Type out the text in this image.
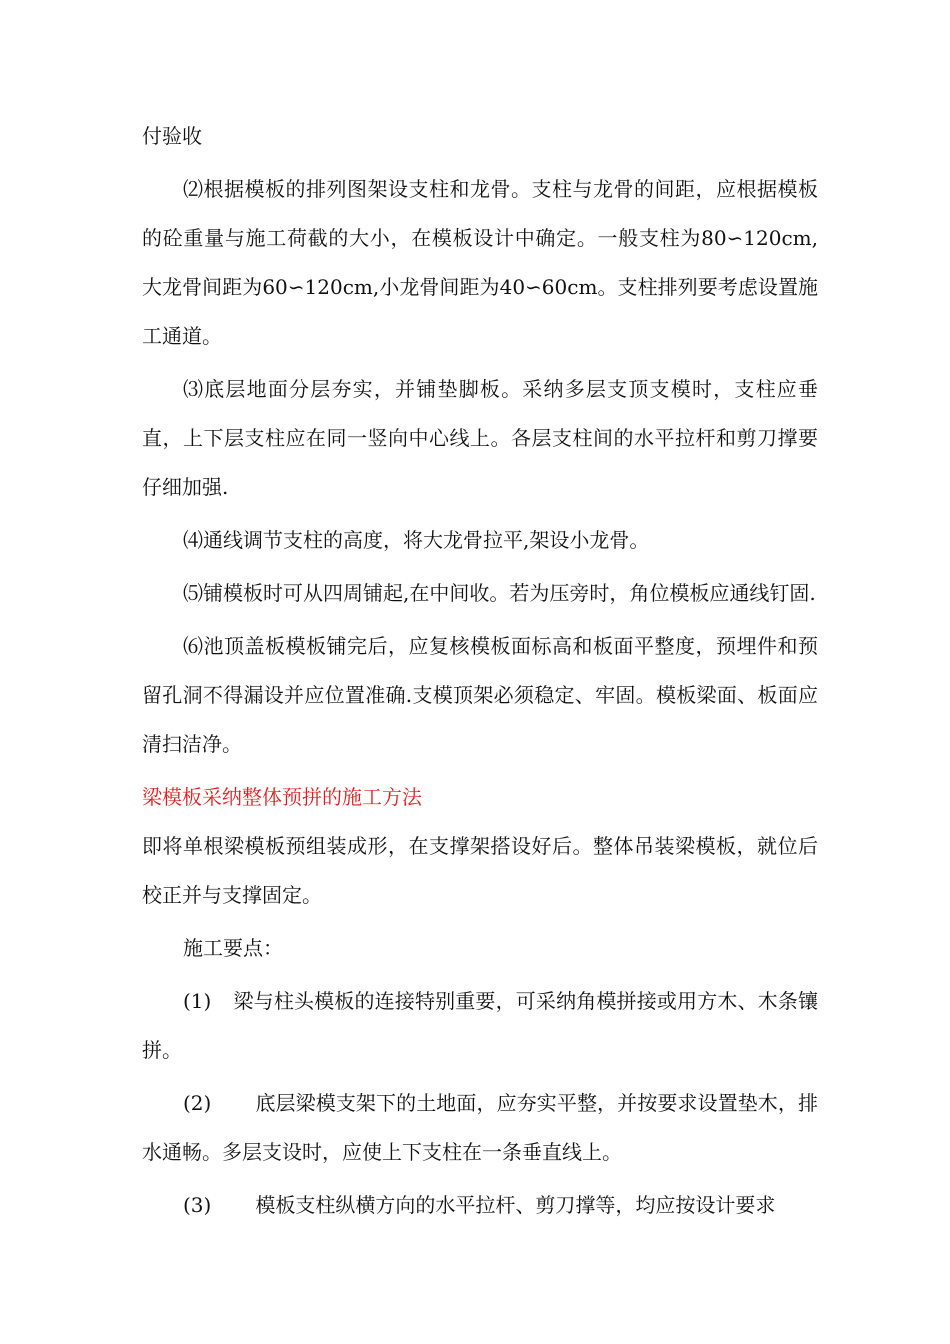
付验收

⑵根据模板的排列图架设支柱和龙骨。支柱与龙骨的间距，应根据模板的砼重量与施工荷截的大小，在模板设计中确定。一般支柱为80∽120cm,大龙骨间距为60∽120cm,小龙骨间距为40∽60cm。支柱排列要考虑设置施工通道。

⑶底层地面分层夯实，并铺垫脚板。采纳多层支顶支模时，支柱应垂直，上下层支柱应在同一竖向中心线上。各层支柱间的水平拉杆和剪刀撑要仔细加强.

⑷通线调节支柱的高度，将大龙骨拉平,架设小龙骨。

⑸铺模板时可从四周铺起,在中间收。若为压旁时，角位模板应通线钉固.

⑹池顶盖板模板铺完后，应复核模板面标高和板面平整度，预埋件和预留孔洞不得漏设并应位置准确.支模顶架必须稳定、牢固。模板梁面、板面应清扫洁净。

梁模板采纳整体预拼的施工方法

即将单根梁模板预组装成形，在支撑架搭设好后。整体吊装梁模板，就位后校正并与支撑固定。

施工要点：

(1) 梁与柱头模板的连接特别重要，可采纳角模拼接或用方木、木条镶拼。

(2) 底层梁模支架下的土地面，应夯实平整，并按要求设置垫木，排水通畅。多层支设时，应使上下支柱在一条垂直线上。

(3) 模板支柱纵横方向的水平拉杆、剪刀撑等，均应按设计要求
